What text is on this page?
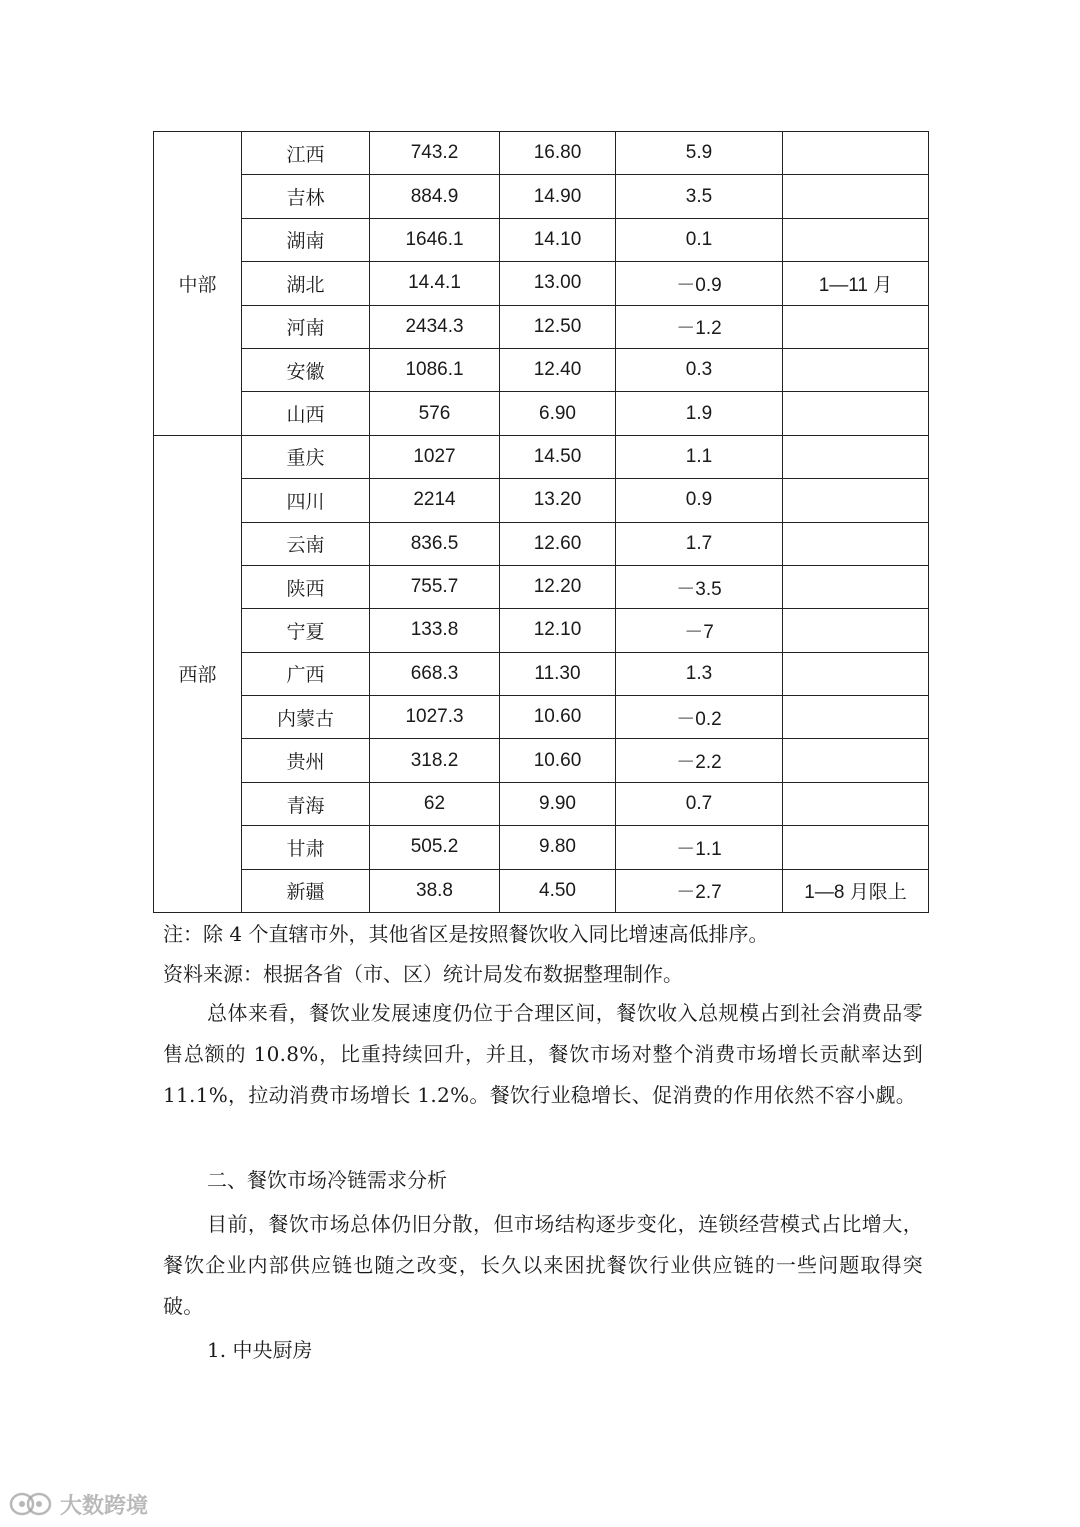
中部	江西	743.2	16.80	5.9	
	吉林	884.9	14.90	3.5	
	湖南	1646.1	14.10	0.1	
	湖北	14.4.1	13.00	－0.9	1—11 月
	河南	2434.3	12.50	－1.2	
	安徽	1086.1	12.40	0.3	
	山西	576	6.90	1.9	
西部	重庆	1027	14.50	1.1	
	四川	2214	13.20	0.9	
	云南	836.5	12.60	1.7	
	陕西	755.7	12.20	－3.5	
	宁夏	133.8	12.10	－7	
	广西	668.3	11.30	1.3	
	内蒙古	1027.3	10.60	－0.2	
	贵州	318.2	10.60	－2.2	
	青海	62	9.90	0.7	
	甘肃	505.2	9.80	－1.1	
	新疆	38.8	4.50	－2.7	1—8 月限上
注：除 4 个直辖市外，其他省区是按照餐饮收入同比增速高低排序。
资料来源：根据各省（市、区）统计局发布数据整理制作。
总体来看，餐饮业发展速度仍位于合理区间，餐饮收入总规模占到社会消费品零售总额的 10.8%，比重持续回升，并且，餐饮市场对整个消费市场增长贡献率达到 11.1%，拉动消费市场增长 1.2%。餐饮行业稳增长、促消费的作用依然不容小觑。
二、餐饮市场冷链需求分析
目前，餐饮市场总体仍旧分散，但市场结构逐步变化，连锁经营模式占比增大，餐饮企业内部供应链也随之改变，长久以来困扰餐饮行业供应链的一些问题取得突破。
1. 中央厨房
大数跨境
